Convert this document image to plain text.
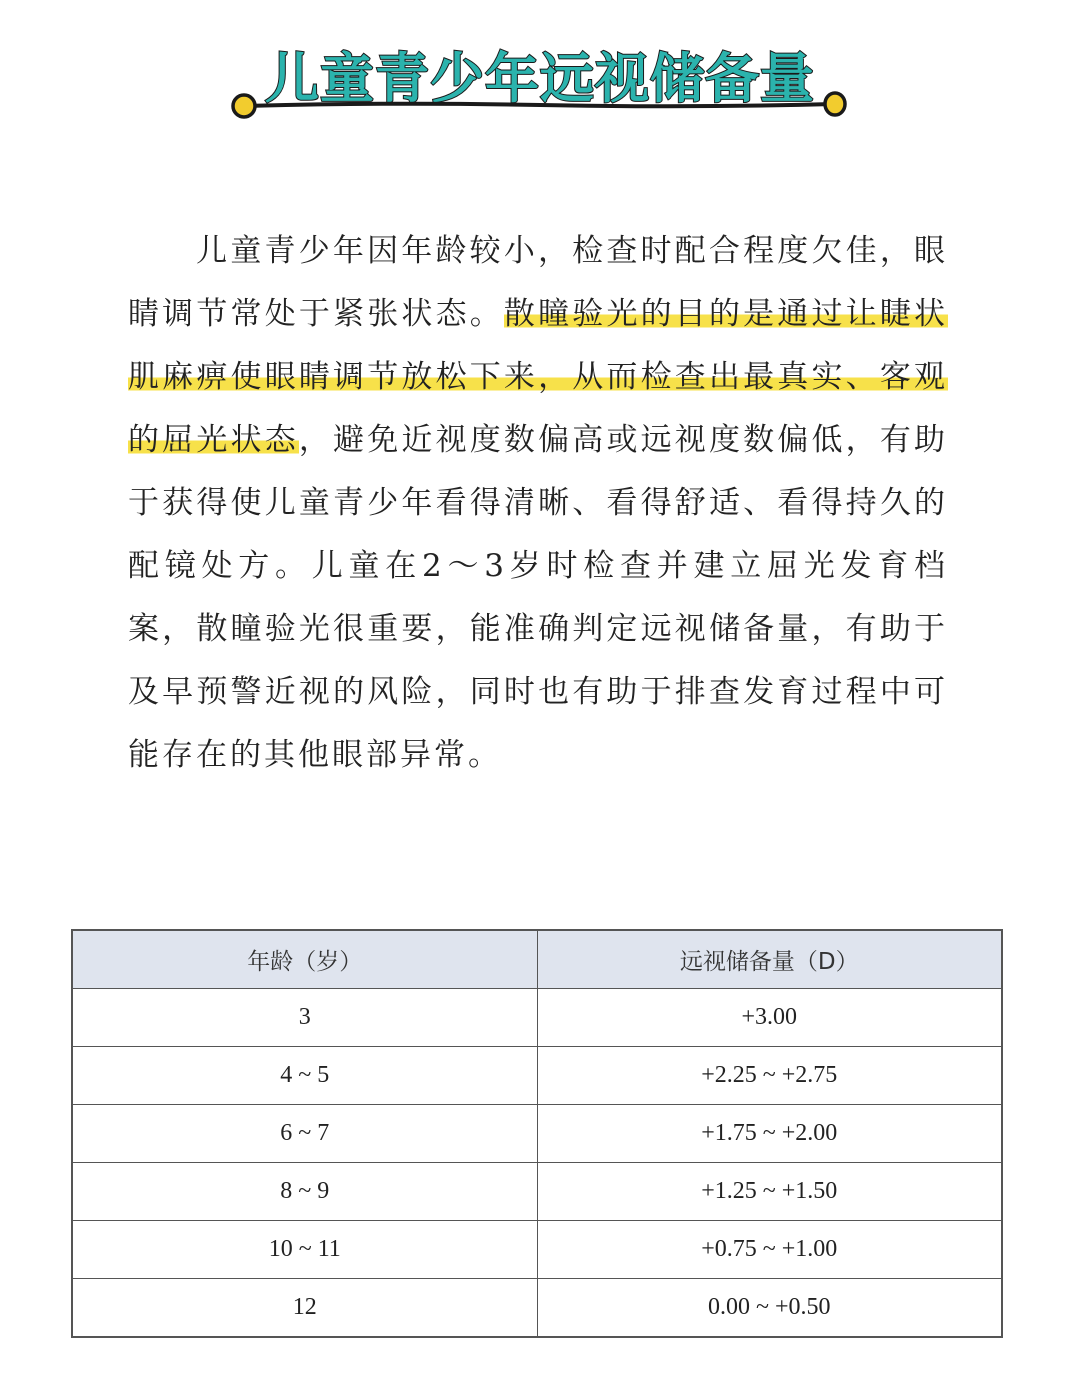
儿童青少年远视储备量
儿童青少年因年龄较小，检查时配合程度欠佳，眼睛调节常处于紧张状态。散瞳验光的目的是通过让睫状肌麻痹使眼睛调节放松下来，从而检查出最真实、客观的屈光状态，避免近视度数偏高或远视度数偏低，有助于获得使儿童青少年看得清晰、看得舒适、看得持久的配镜处方。儿童在2～3岁时检查并建立屈光发育档案，散瞳验光很重要，能准确判定远视储备量，有助于及早预警近视的风险，同时也有助于排查发育过程中可能存在的其他眼部异常。
年龄（岁）	远视储备量（D）
3	+3.00
4 ~ 5	+2.25 ~ +2.75
6 ~ 7	+1.75 ~ +2.00
8 ~ 9	+1.25 ~ +1.50
10 ~ 11	+0.75 ~ +1.00
12	0.00 ~ +0.50
